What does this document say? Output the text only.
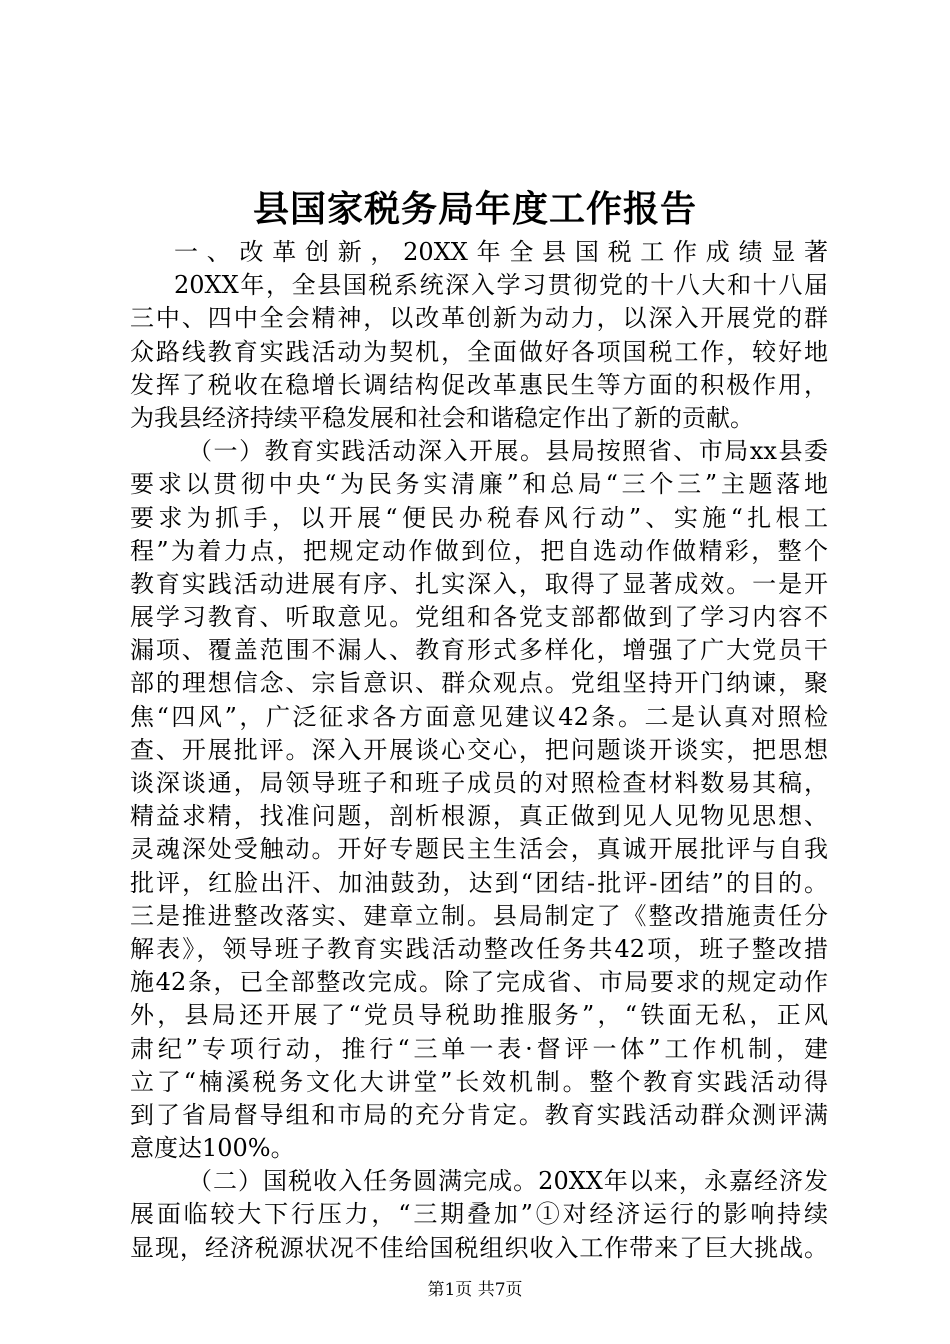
县国家税务局年度工作报告
一、改革创新，20XX年全县国税工作成绩显著
20XX年，全县国税系统深入学习贯彻党的十八大和十八届
三中、四中全会精神，以改革创新为动力，以深入开展党的群
众路线教育实践活动为契机，全面做好各项国税工作，较好地
发挥了税收在稳增长调结构促改革惠民生等方面的积极作用，
为我县经济持续平稳发展和社会和谐稳定作出了新的贡献。
（一）教育实践活动深入开展。县局按照省、市局xx县委
要求以贯彻中央“为民务实清廉”和总局“三个三”主题落地
要求为抓手，以开展“便民办税春风行动”、实施“扎根工
程”为着力点，把规定动作做到位，把自选动作做精彩，整个
教育实践活动进展有序、扎实深入，取得了显著成效。一是开
展学习教育、听取意见。党组和各党支部都做到了学习内容不
漏项、覆盖范围不漏人、教育形式多样化，增强了广大党员干
部的理想信念、宗旨意识、群众观点。党组坚持开门纳谏，聚
焦“四风”，广泛征求各方面意见建议42条。二是认真对照检
查、开展批评。深入开展谈心交心，把问题谈开谈实，把思想
谈深谈通，局领导班子和班子成员的对照检查材料数易其稿，
精益求精，找准问题，剖析根源，真正做到见人见物见思想、
灵魂深处受触动。开好专题民主生活会，真诚开展批评与自我
批评，红脸出汗、加油鼓劲，达到“团结-批评-团结”的目的。
三是推进整改落实、建章立制。县局制定了《整改措施责任分
解表》，领导班子教育实践活动整改任务共42项，班子整改措
施42条，已全部整改完成。除了完成省、市局要求的规定动作
外，县局还开展了“党员导税助推服务”，“铁面无私，正风
肃纪”专项行动，推行“三单一表·督评一体”工作机制，建
立了“楠溪税务文化大讲堂”长效机制。整个教育实践活动得
到了省局督导组和市局的充分肯定。教育实践活动群众测评满
意度达100%。
（二）国税收入任务圆满完成。20XX年以来，永嘉经济发
展面临较大下行压力，“三期叠加”①对经济运行的影响持续
显现，经济税源状况不佳给国税组织收入工作带来了巨大挑战。
第1页 共7页
